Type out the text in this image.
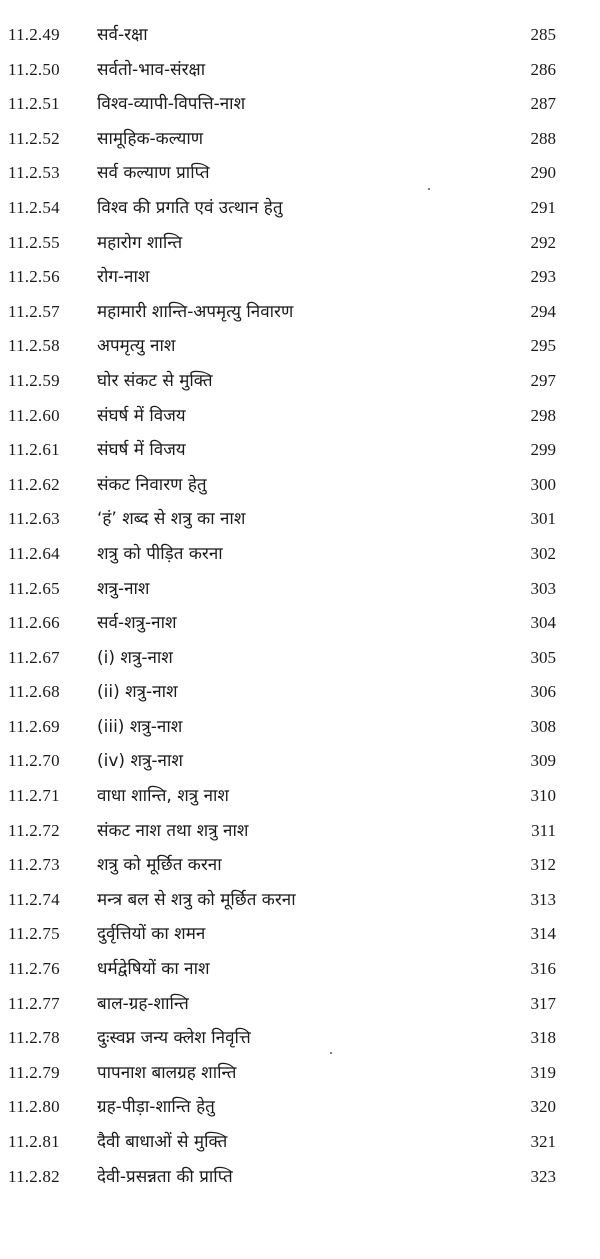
11.2.49 सर्व-रक्षा	285
11.2.50 सर्वतो-भाव-संरक्षा	286
11.2.51 विश्व-व्यापी-विपत्ति-नाश	287
11.2.52 सामूहिक-कल्याण	288
11.2.53 सर्व कल्याण प्राप्ति	290
11.2.54 विश्व की प्रगति एवं उत्थान हेतु	291
11.2.55 महारोग शान्ति	292
11.2.56 रोग-नाश	293
11.2.57 महामारी शान्ति-अपमृत्यु निवारण	294
11.2.58 अपमृत्यु नाश	295
11.2.59 घोर संकट से मुक्ति	297
11.2.60 संघर्ष में विजय	298
11.2.61 संघर्ष में विजय	299
11.2.62 संकट निवारण हेतु	300
11.2.63 ‘हं’ शब्द से शत्रु का नाश	301
11.2.64 शत्रु को पीड़ित करना	302
11.2.65 शत्रु-नाश	303
11.2.66 सर्व-शत्रु-नाश	304
11.2.67 (i) शत्रु-नाश	305
11.2.68 (ii) शत्रु-नाश	306
11.2.69 (iii) शत्रु-नाश	308
11.2.70 (iv) शत्रु-नाश	309
11.2.71 वाधा शान्ति, शत्रु नाश	310
11.2.72 संकट नाश तथा शत्रु नाश	311
11.2.73 शत्रु को मूर्छित करना	312
11.2.74 मन्त्र बल से शत्रु को मूर्छित करना	313
11.2.75 दुर्वृत्तियों का शमन	314
11.2.76 धर्मद्वेषियों का नाश	316
11.2.77 बाल-ग्रह-शान्ति	317
11.2.78 दुःस्वप्न जन्य क्लेश निवृत्ति	318
11.2.79 पापनाश बालग्रह शान्ति	319
11.2.80 ग्रह-पीड़ा-शान्ति हेतु	320
11.2.81 दैवी बाधाओं से मुक्ति	321
11.2.82 देवी-प्रसन्नता की प्राप्ति	323
